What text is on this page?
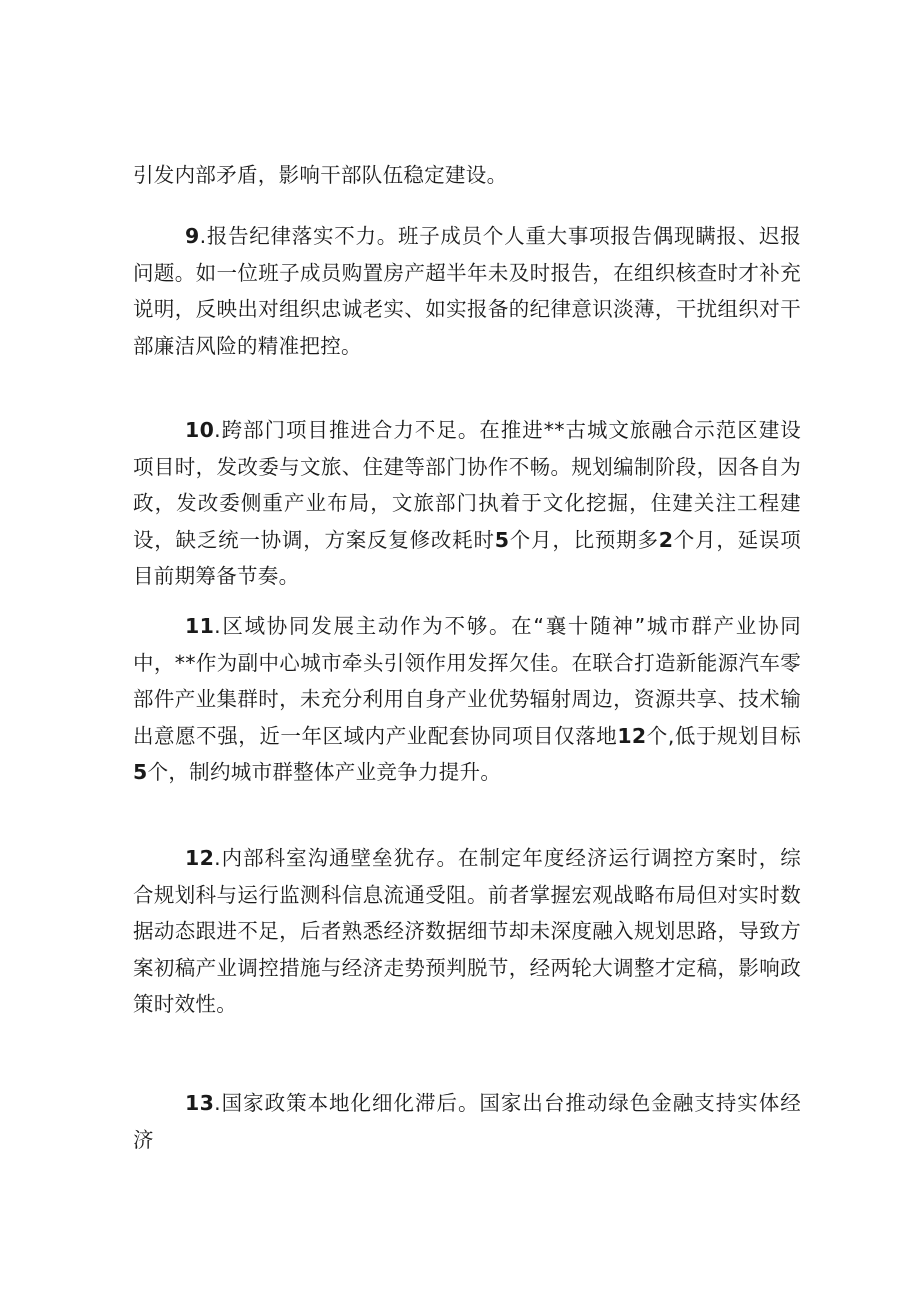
引发内部矛盾，影响干部队伍稳定建设。

9.报告纪律落实不力。班子成员个人重大事项报告偶现瞒报、迟报问题。如一位班子成员购置房产超半年未及时报告，在组织核查时才补充说明，反映出对组织忠诚老实、如实报备的纪律意识淡薄，干扰组织对干部廉洁风险的精准把控。

10.跨部门项目推进合力不足。在推进**古城文旅融合示范区建设项目时，发改委与文旅、住建等部门协作不畅。规划编制阶段，因各自为政，发改委侧重产业布局，文旅部门执着于文化挖掘，住建关注工程建设，缺乏统一协调，方案反复修改耗时5个月，比预期多2个月，延误项目前期筹备节奏。

11.区域协同发展主动作为不够。在“襄十随神”城市群产业协同中，**作为副中心城市牵头引领作用发挥欠佳。在联合打造新能源汽车零部件产业集群时，未充分利用自身产业优势辐射周边，资源共享、技术输出意愿不强，近一年区域内产业配套协同项目仅落地12个,低于规划目标5个，制约城市群整体产业竞争力提升。

12.内部科室沟通壁垒犹存。在制定年度经济运行调控方案时，综合规划科与运行监测科信息流通受阻。前者掌握宏观战略布局但对实时数据动态跟进不足，后者熟悉经济数据细节却未深度融入规划思路，导致方案初稿产业调控措施与经济走势预判脱节，经两轮大调整才定稿，影响政策时效性。

13.国家政策本地化细化滞后。国家出台推动绿色金融支持实体经济
